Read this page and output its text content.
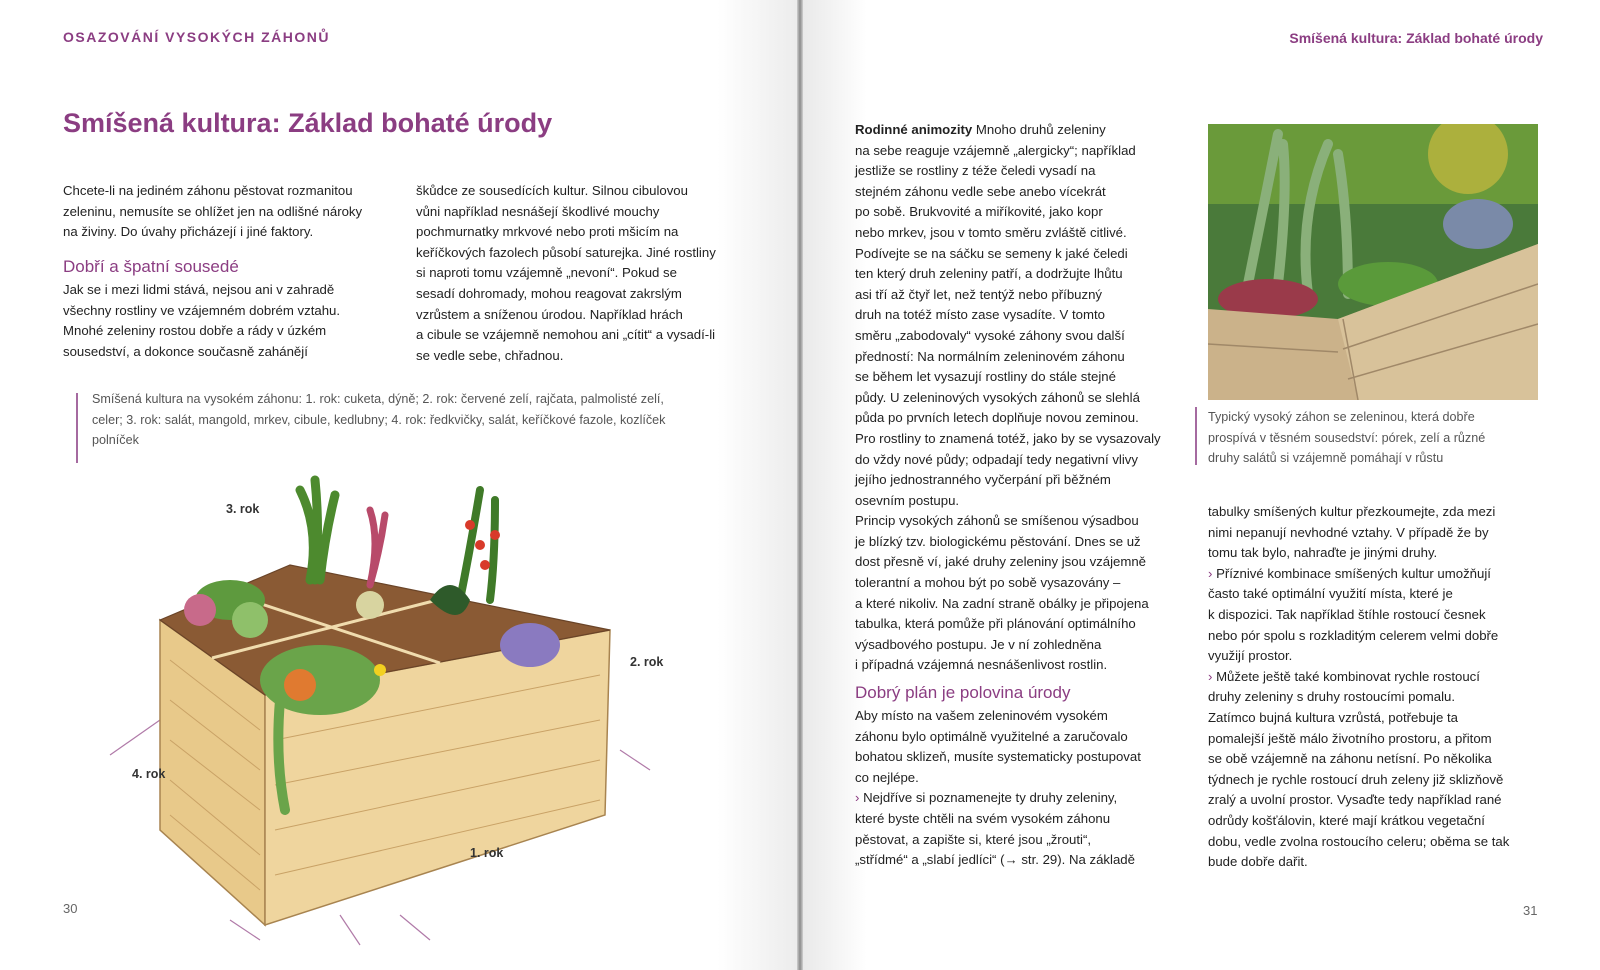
OSAZOVÁNÍ VYSOKÝCH ZÁHONŮ
Smíšená kultura: Základ bohaté úrody

Chcete-li na jediném záhonu pěstovat rozmanitou

zeleninu, nemusíte se ohlížet jen na odlišné nároky

na živiny. Do úvahy přicházejí i jiné faktory.

Dobří a špatní sousedé

Jak se i mezi lidmi stává, nejsou ani v zahradě

všechny rostliny ve vzájemném dobrém vztahu.

Mnohé zeleniny rostou dobře a rády v úzkém

sousedství, a dokonce současně zahánějí

škůdce ze sousedících kultur. Silnou cibulovou

vůni například nesnášejí škodlivé mouchy

pochmurnatky mrkvové nebo proti mšicím na

keříčkových fazolech působí saturejka. Jiné rostliny

si naproti tomu vzájemně „nevoní“. Pokud se

sesadí dohromady, mohou reagovat zakrslým

vzrůstem a sníženou úrodou. Například hrách

a cibule se vzájemně nemohou ani „cítit“ a vysadí-li

se vedle sebe, chřadnou.

Smíšená kultura na vysokém záhonu: 1. rok: cuketa, dýně; 2. rok: červené zelí, rajčata, palmolisté zelí,
celer; 3. rok: salát, mangold, mrkev, cibule, kedlubny; 4. rok: ředkvičky, salát, keříčkové fazole, kozlíček
polníček
3. rok
2. rok
4. rok
1. rok
30
Smíšená kultura: Základ bohaté úrody

Rodinné animozity Mnoho druhů zeleniny

na sebe reaguje vzájemně „alergicky“; například

jestliže se rostliny z téže čeledi vysadí na

stejném záhonu vedle sebe anebo vícekrát

po sobě. Brukvovité a miříkovité, jako kopr

nebo mrkev, jsou v tomto směru zvláště citlivé.

Podívejte se na sáčku se semeny k jaké čeledi

ten který druh zeleniny patří, a dodržujte lhůtu

asi tří až čtyř let, než tentýž nebo příbuzný

druh na totéž místo zase vysadíte. V tomto

směru „zabodovaly“ vysoké záhony svou další

předností: Na normálním zeleninovém záhonu

se během let vysazují rostliny do stále stejné

půdy. U zeleninových vysokých záhonů se slehlá

půda po prvních letech doplňuje novou zeminou.

Pro rostliny to znamená totéž, jako by se vysazovaly

do vždy nové půdy; odpadají tedy negativní vlivy

jejího jednostranného vyčerpání při běžném

osevním postupu.

Princip vysokých záhonů se smíšenou výsadbou

je blízký tzv. biologickému pěstování. Dnes se už

dost přesně ví, jaké druhy zeleniny jsou vzájemně

tolerantní a mohou být po sobě vysazovány –

a které nikoliv. Na zadní straně obálky je připojena

tabulka, která pomůže při plánování optimálního

výsadbového postupu. Je v ní zohledněna

i případná vzájemná nesnášenlivost rostlin.

Dobrý plán je polovina úrody

Aby místo na vašem zeleninovém vysokém

záhonu bylo optimálně využitelné a zaručovalo

bohatou sklizeň, musíte systematicky postupovat

co nejlépe.

› Nejdříve si poznamenejte ty druhy zeleniny,

které byste chtěli na svém vysokém záhonu

pěstovat, a zapište si, které jsou „žrouti“,

„střídmé“ a „slabí jedlíci“ (→ str. 29). Na základě

Typický vysoký záhon se zeleninou, která dobře
prospívá v těsném sousedství: pórek, zelí a různé
druhy salátů si vzájemně pomáhají v růstu

tabulky smíšených kultur přezkoumejte, zda mezi

nimi nepanují nevhodné vztahy. V případě že by

tomu tak bylo, nahraďte je jinými druhy.

› Příznivé kombinace smíšených kultur umožňují

často také optimální využití místa, které je

k dispozici. Tak například štíhle rostoucí česnek

nebo pór spolu s rozkladitým celerem velmi dobře

využijí prostor.

› Můžete ještě také kombinovat rychle rostoucí

druhy zeleniny s druhy rostoucími pomalu.

Zatímco bujná kultura vzrůstá, potřebuje ta

pomalejší ještě málo životního prostoru, a přitom

se obě vzájemně na záhonu netísní. Po několika

týdnech je rychle rostoucí druh zeleny již sklizňově

zralý a uvolní prostor. Vysaďte tedy například rané

odrůdy košťálovin, které mají krátkou vegetační

dobu, vedle zvolna rostoucího celeru; oběma se tak

bude dobře dařit.

31
